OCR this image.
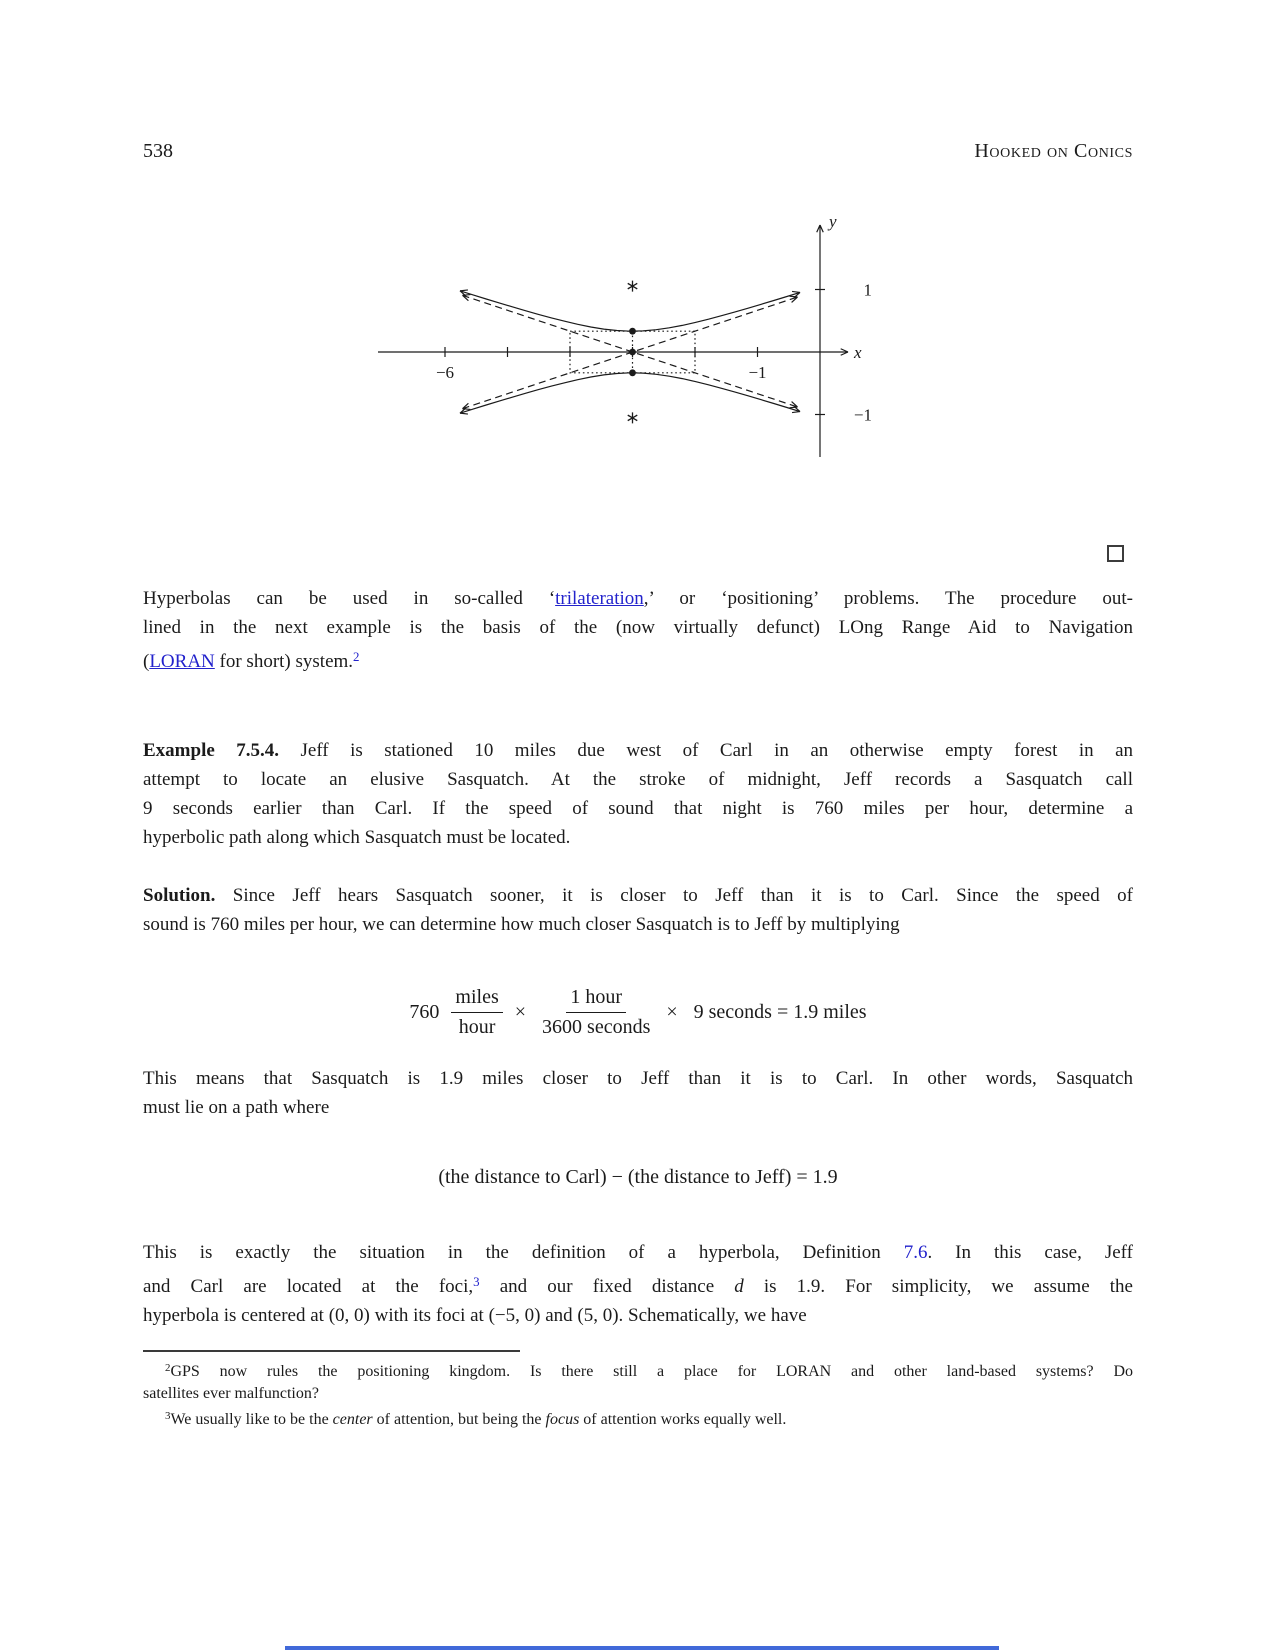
538	Hooked on Conics
x
y
−6	−1
1
−1
Hyperbolas can be used in so-called ‘trilateration,’ or ‘positioning’ problems. The procedure out-
lined in the next example is the basis of the (now virtually defunct) LOng Range Aid to Navigation
(LORAN for short) system.$^2$
Example 7.5.4. Jeff is stationed 10 miles due west of Carl in an otherwise empty forest in an
attempt to locate an elusive Sasquatch. At the stroke of midnight, Jeff records a Sasquatch call
9 seconds earlier than Carl. If the speed of sound that night is 760 miles per hour, determine a
hyperbolic path along which Sasquatch must be located.
Solution. Since Jeff hears Sasquatch sooner, it is closer to Jeff than it is to Carl. Since the speed of
sound is 760 miles per hour, we can determine how much closer Sasquatch is to Jeff by multiplying
$760 \frac{\text{miles}}{\text{hour}} \times \frac{\text{1 hour}}{\text{3600 seconds}} \times 9$ seconds = 1.9 miles
This means that Sasquatch is 1.9 miles closer to Jeff than it is to Carl. In other words, Sasquatch
must lie on a path where
(the distance to Carl) − (the distance to Jeff) = 1.9
This is exactly the situation in the definition of a hyperbola, Definition 7.6. In this case, Jeff
and Carl are located at the foci,$^3$ and our fixed distance d is 1.9. For simplicity, we assume the
hyperbola is centered at (0, 0) with its foci at (−5, 0) and (5, 0). Schematically, we have
$^2$GPS now rules the positioning kingdom. Is there still a place for LORAN and other land-based systems? Do
satellites ever malfunction?
$^3$We usually like to be the center of attention, but being the focus of attention works equally well.
